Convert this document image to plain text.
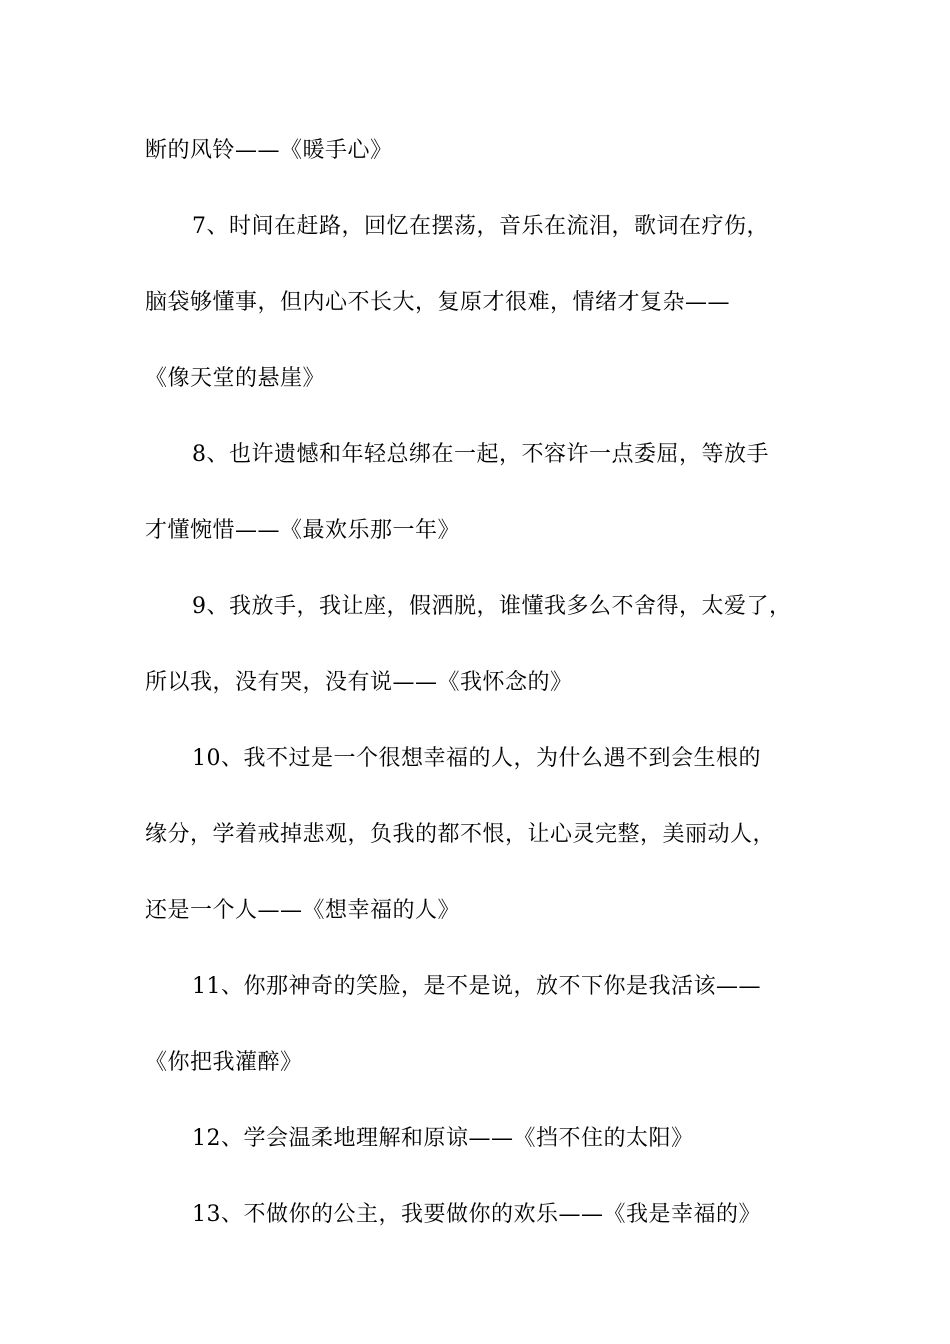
断的风铃——《暖手心》
7、时间在赶路，回忆在摆荡，音乐在流泪，歌词在疗伤，
脑袋够懂事，但内心不长大，复原才很难，情绪才复杂——
《像天堂的悬崖》
8、也许遗憾和年轻总绑在一起，不容许一点委屈，等放手
才懂惋惜——《最欢乐那一年》
9、我放手，我让座，假洒脱，谁懂我多么不舍得，太爱了，
所以我，没有哭，没有说——《我怀念的》
10、我不过是一个很想幸福的人，为什么遇不到会生根的
缘分，学着戒掉悲观，负我的都不恨，让心灵完整，美丽动人，
还是一个人——《想幸福的人》
11、你那神奇的笑脸，是不是说，放不下你是我活该——
《你把我灌醉》
12、学会温柔地理解和原谅——《挡不住的太阳》
13、不做你的公主，我要做你的欢乐——《我是幸福的》
